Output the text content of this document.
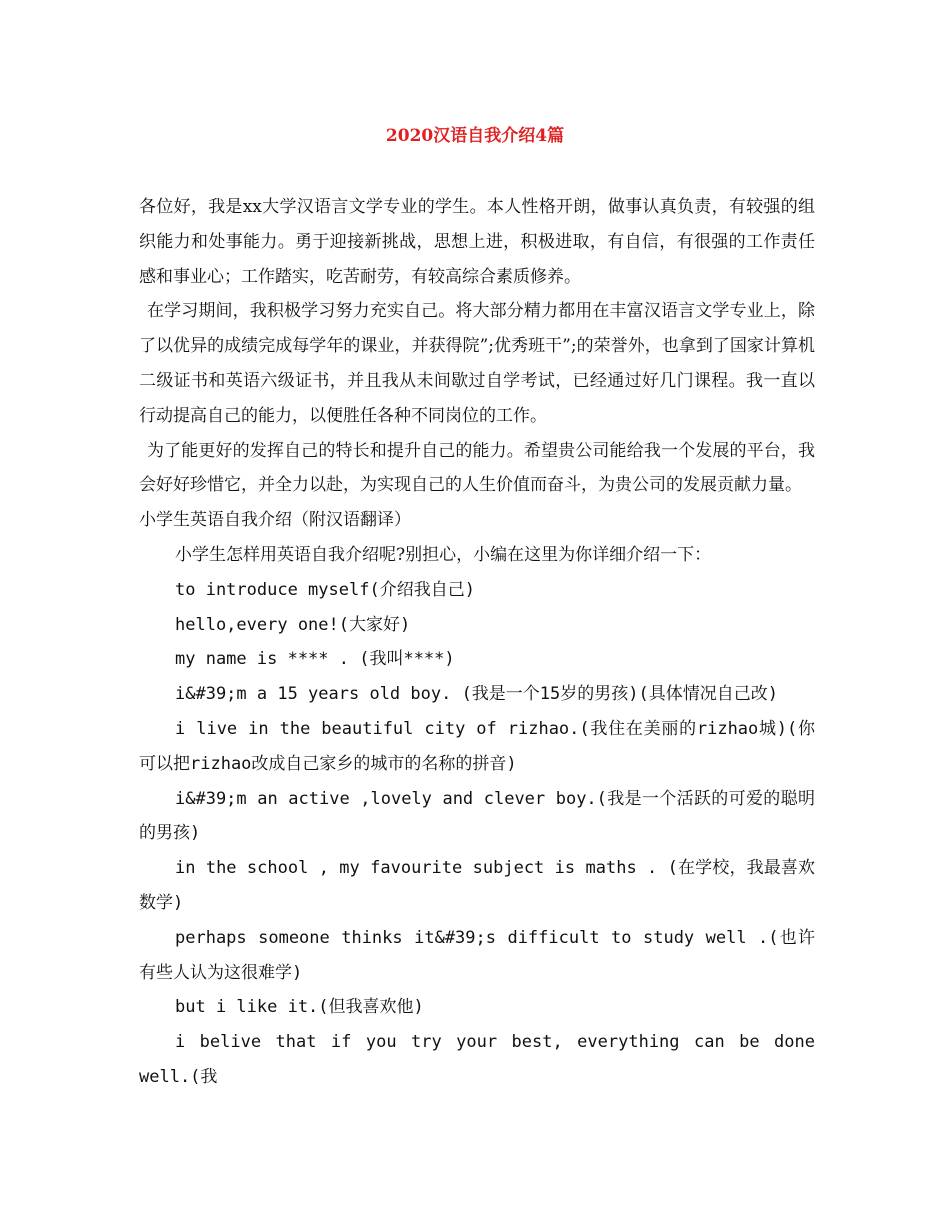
2020汉语自我介绍4篇

各位好，我是xx大学汉语言文学专业的学生。本人性格开朗，做事认真负责，有较强的组织能力和处事能力。勇于迎接新挑战，思想上进，积极进取，有自信，有很强的工作责任感和事业心；工作踏实，吃苦耐劳，有较高综合素质修养。

在学习期间，我积极学习努力充实自己。将大部分精力都用在丰富汉语言文学专业上，除了以优异的成绩完成每学年的课业，并获得院”;优秀班干”;的荣誉外，也拿到了国家计算机二级证书和英语六级证书，并且我从未间歇过自学考试，已经通过好几门课程。我一直以行动提高自己的能力，以便胜任各种不同岗位的工作。

为了能更好的发挥自己的特长和提升自己的能力。希望贵公司能给我一个发展的平台，我会好好珍惜它，并全力以赴，为实现自己的人生价值而奋斗，为贵公司的发展贡献力量。

小学生英语自我介绍（附汉语翻译）

小学生怎样用英语自我介绍呢?别担心，小编在这里为你详细介绍一下：

to introduce myself(介绍我自己)

hello,every one!(大家好)

my name is **** . (我叫****)

i&#39;m a 15 years old boy. (我是一个15岁的男孩)(具体情况自己改)

i live in the beautiful city of rizhao.(我住在美丽的rizhao城)(你可以把rizhao改成自己家乡的城市的名称的拼音)

i&#39;m an active ,lovely and clever boy.(我是一个活跃的可爱的聪明的男孩)

in the school , my favourite subject is maths . (在学校，我最喜欢数学)

perhaps someone thinks it&#39;s difficult to study well .(也许有些人认为这很难学)

but i like it.(但我喜欢他)

i belive that if you try your best, everything can be done well.(我
